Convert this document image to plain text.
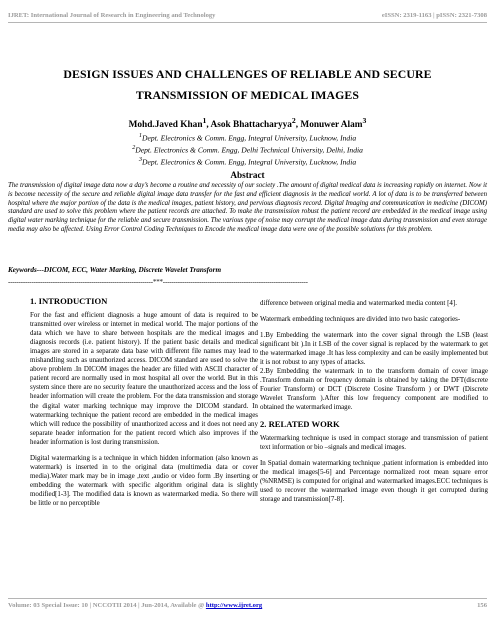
IJRET: International Journal of Research in Engineering and Technology	eISSN: 2319-1163 | pISSN: 2321-7308
DESIGN ISSUES AND CHALLENGES OF RELIABLE AND SECURE
TRANSMISSION OF MEDICAL IMAGES
Mohd.Javed Khan$^1$, Asok Bhattacharyya$^2$, Monuwer Alam$^3$
$^1$Dept. Electronics & Comm. Engg, Integral University, Lucknow, India
$^2$Dept. Electronics & Comm. Engg, Delhi Technical University, Delhi, India
$^3$Dept. Electronics & Comm. Engg, Integral University, Lucknow, India
Abstract
The transmission of digital image data now a day’s become a routine and necessity of our society .The amount of digital medical data is increasing rapidly on internet. Now it is become necessity of the secure and reliable digital image data transfer for the fast and efficient diagnosis in the medical world. A lot of data is to be transferred between hospital where the major portion of the data is the medical images, patient history, and pervious diagnosis record. Digital Imaging and communication in medicine (DICOM) standard are used to solve this problem where the patient records are attached. To make the transmission robust the patient record are embedded in the medical image using digital water marking technique for the reliable and secure transmission. The various type of noise may corrupt the medical image data during transmission and even storage media may also be affected. Using Error Control Coding Techniques to Encode the medical image data were one of the possible solutions for this problem.
Keywords---DICOM, ECC, Water Marking, Discrete Wavelet Transform
--------------------------------------------------------------------***--------------------------------------------------------------------
1. INTRODUCTION

For the fast and efficient diagnosis a huge amount of data is required to be transmitted over wireless or internet in medical world. The major portions of the data which we have to share between hospitals are the medical images and diagnosis records (i.e. patient history). If the patient basic details and medical images are stored in a separate data base with different file names may lead to mishandling such as unauthorized access. DICOM standard are used to solve the above problem .In DICOM images the header are filled with ASCII character of patient record are normally used in most hospital all over the world. But in this system since there are no security feature the unauthorized access and the loss of header information will create the problem. For the data transmission and storage the digital water marking technique may improve the DICOM standard. In watermarking technique the patient record are embedded in the medical images which will reduce the possibility of unauthorized access and it does not need any separate header information for the patient record which also improves if the header information is lost during transmission.

Digital watermarking is a technique in which hidden information (also known as watermark) is inserted in to the original data (multimedia data or cover media).Water mark may be in image ,text ,audio or video form .By inserting or embedding the watermark with specific algorithm original data is slightly modified[1-3]. The modified data is known as watermarked media. So there will be little or no perceptible

difference between original media and watermarked media content [4].

Watermark embedding techniques are divided into two basic categories-

1.By Embedding the watermark into the cover signal through the LSB (least significant bit ).In it LSB of the cover signal is replaced by the watermark to get the watermarked image .It has less complexity and can be easily implemented but it is not robust to any types of attacks.

2.By Embedding the watermark in to the transform domain of cover image .Transform domain or frequency domain is obtained by taking the DFT(discrete Fourier Transform) or DCT (Discrete Cosine Transform ) or DWT (Discrete Wavelet Transform ).After this low frequency component are modified to obtained the watermarked image.

2. RELATED WORK

Watermarking technique is used in compact storage and transmission of patient text information or bio –signals and medical images.

In Spatial domain watermarking technique ,patient information is embedded into the medical images[5-6] and Percentage normalized root mean square error (%NRMSE) is computed for original and watermarked images.ECC techniques is used to recover the watermarked image even though it get corrupted during storage and transmission[7-8].

Volume: 03 Special Issue: 10 | NCCOTII 2014 | Jun-2014, Available @ http://www.ijret.org	156
